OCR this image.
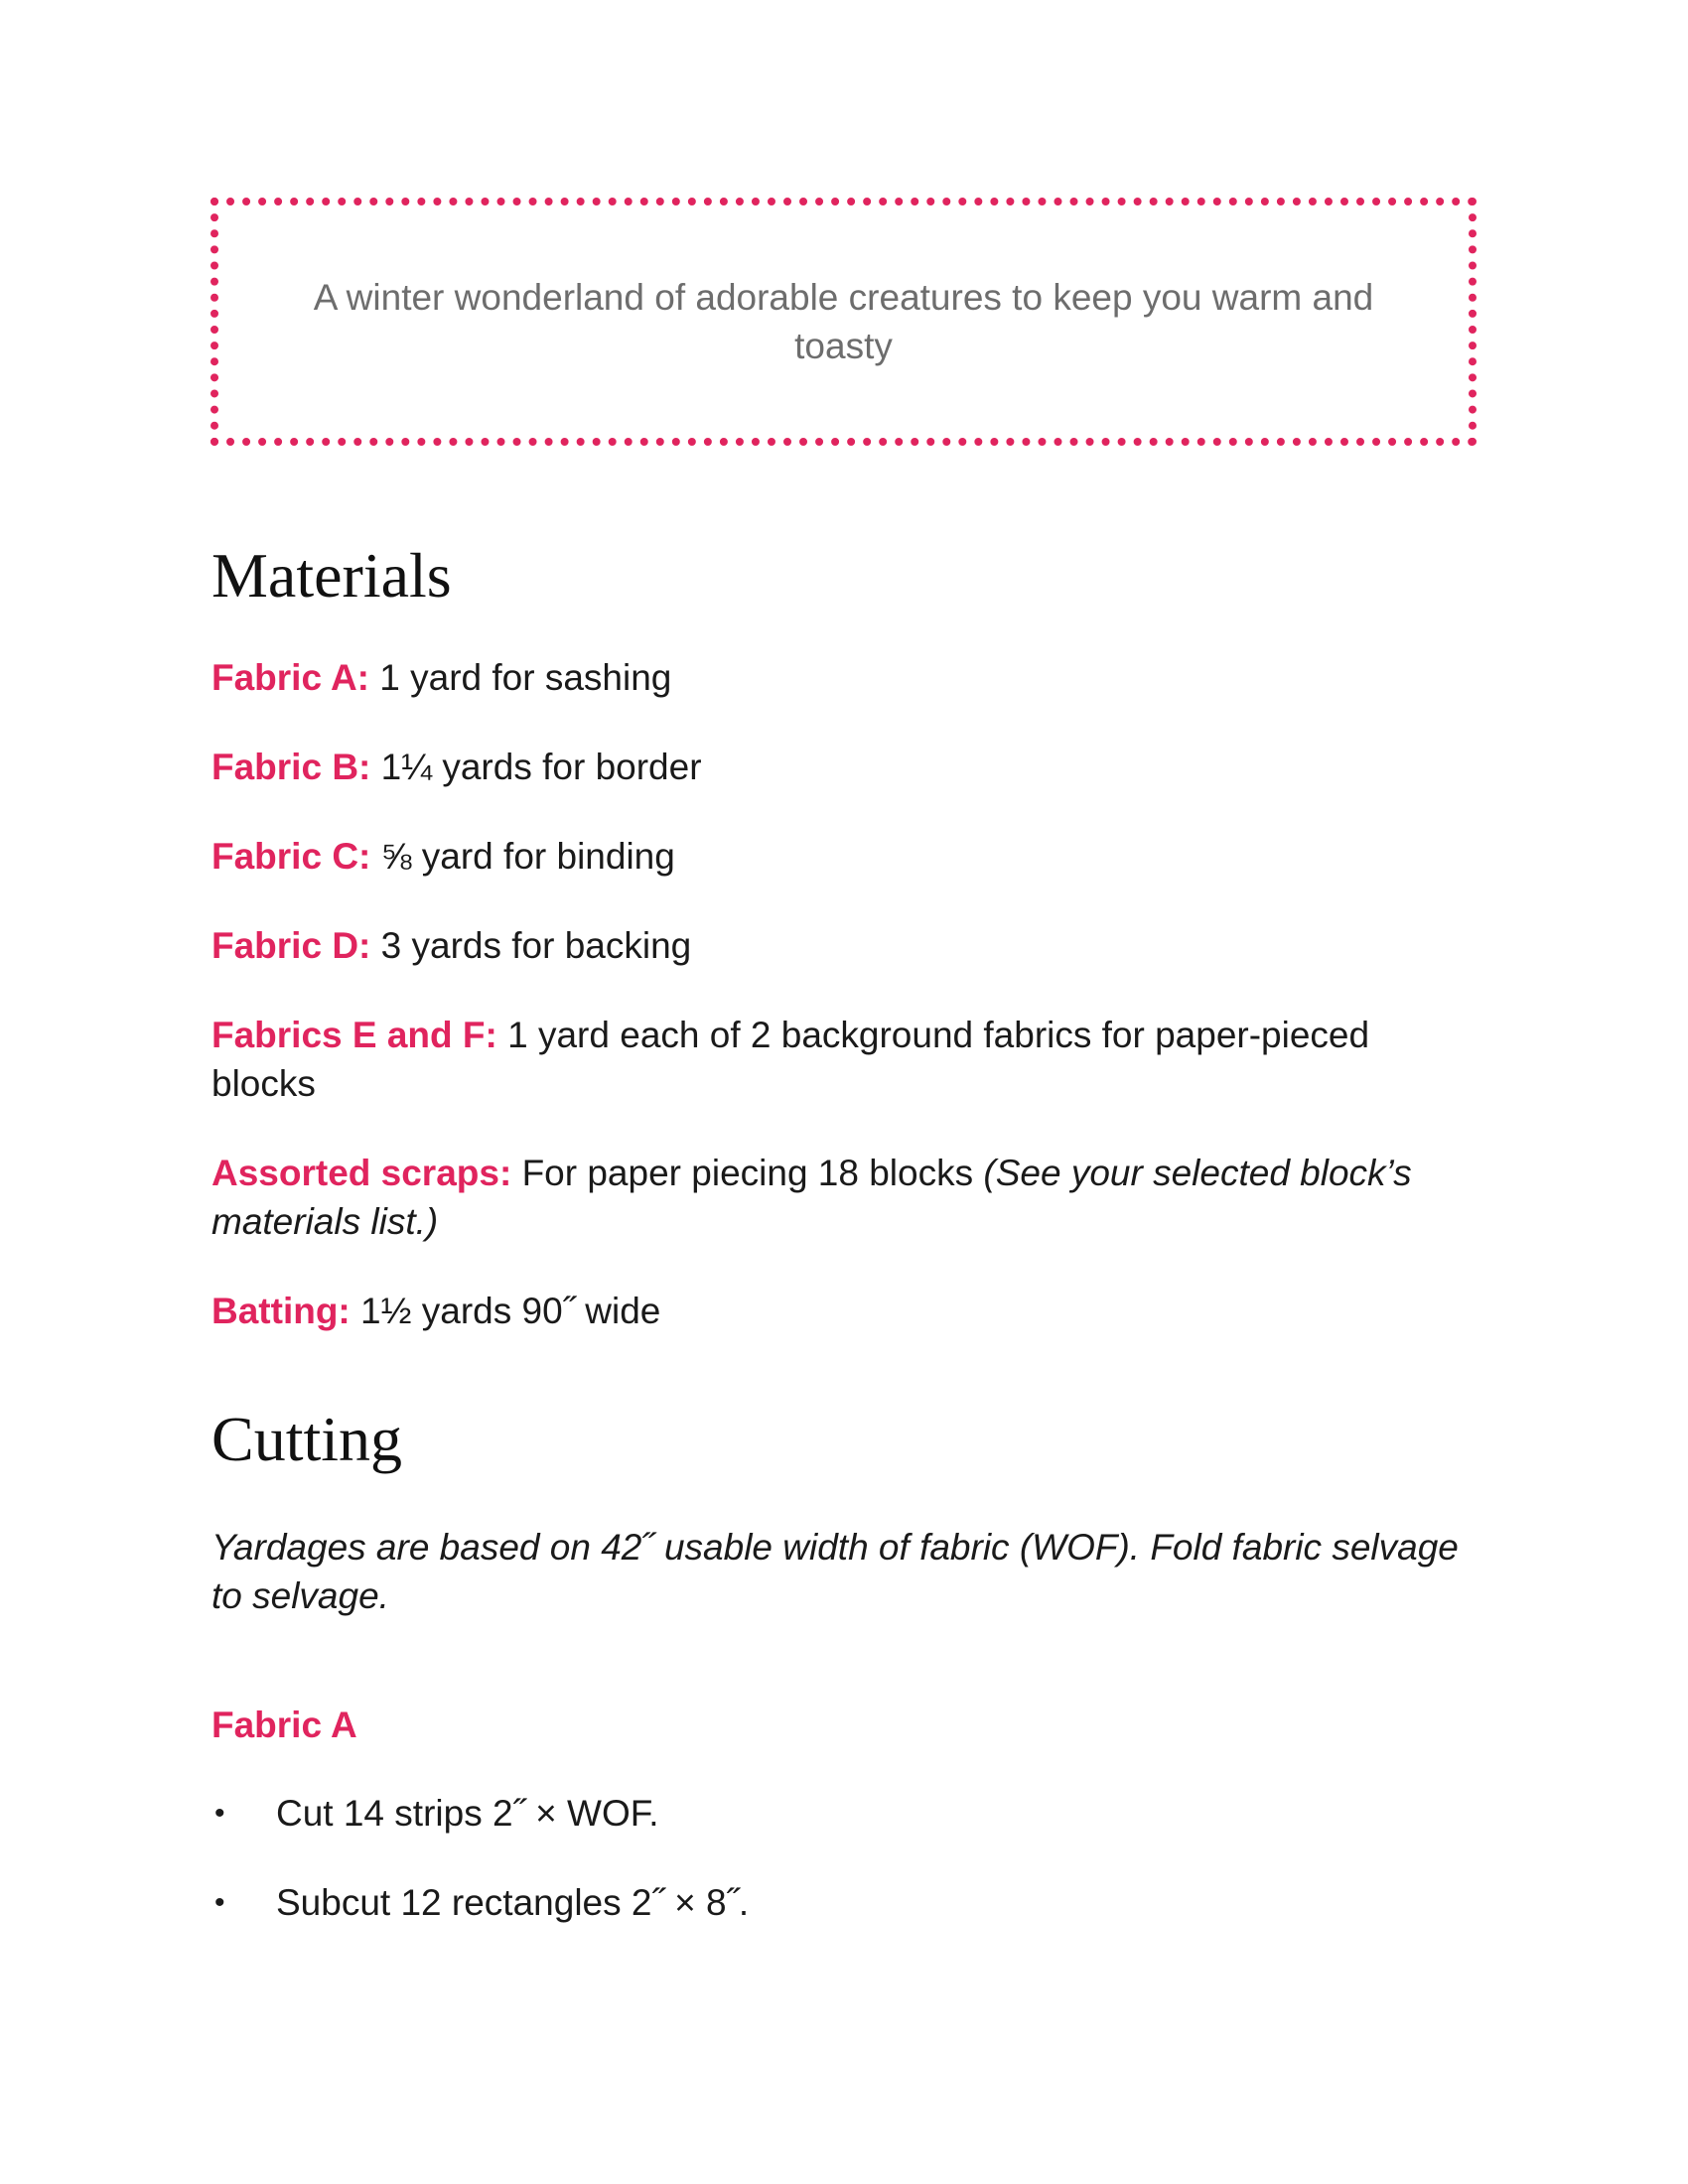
A winter wonderland of adorable creatures to keep you warm and toasty

Materials
Fabric A: 1 yard for sashing
Fabric B: 1¼ yards for border
Fabric C: ⅝ yard for binding
Fabric D: 3 yards for backing
Fabrics E and F: 1 yard each of 2 background fabrics for paper-pieced blocks
Assorted scraps: For paper piecing 18 blocks (See your selected block’s materials list.)
Batting: 1½ yards 90˝ wide
Cutting

Yardages are based on 42˝ usable width of fabric (WOF). Fold fabric selvage to selvage.

Fabric A
• Cut 14 strips 2˝ × WOF.
• Subcut 12 rectangles 2˝ × 8˝.
